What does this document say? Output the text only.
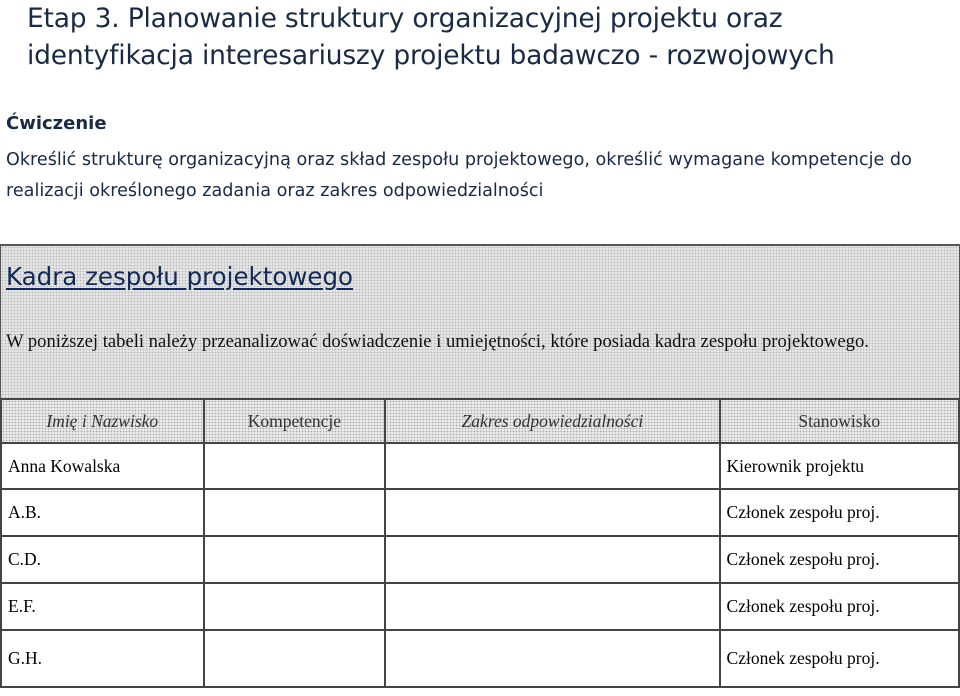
Etap 3. Planowanie struktury organizacyjnej projektu oraz identyfikacja interesariuszy projektu badawczo - rozwojowych
Ćwiczenie
Określić strukturę organizacyjną oraz skład zespołu projektowego, określić wymagane kompetencje do realizacji określonego zadania oraz zakres odpowiedzialności
Kadra zespołu projektowego
W poniższej tabeli należy przeanalizować doświadczenie i umiejętności, które posiada kadra zespołu projektowego.
Imię i Nazwisko	Kompetencje	Zakres odpowiedzialności	Stanowisko
Anna Kowalska			Kierownik projektu
A.B.			Członek zespołu proj.
C.D.			Członek zespołu proj.
E.F.			Członek zespołu proj.
G.H.			Członek zespołu proj.
